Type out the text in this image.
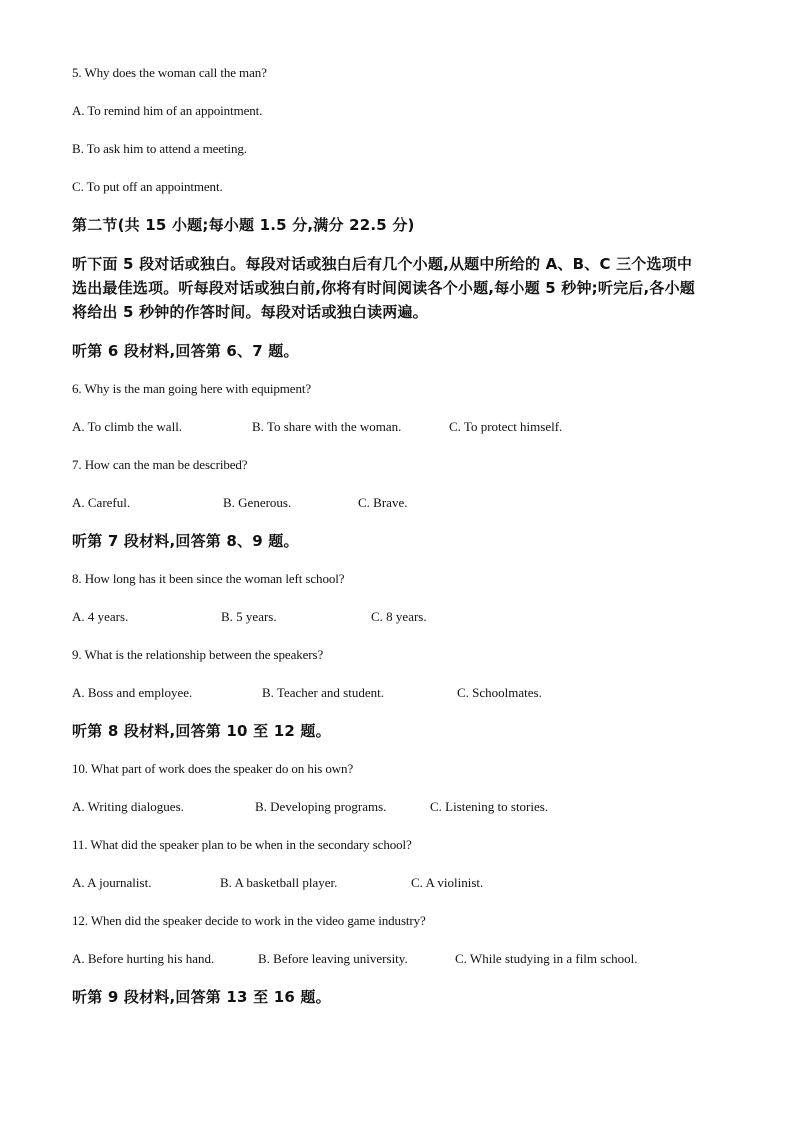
5. Why does the woman call the man?
A. To remind him of an appointment.
B. To ask him to attend a meeting.
C. To put off an appointment.
第二节(共 15 小题;每小题 1.5 分,满分 22.5 分)
听下面 5 段对话或独白。每段对话或独白后有几个小题,从题中所给的 A、B、C 三个选项中
选出最佳选项。听每段对话或独白前,你将有时间阅读各个小题,每小题 5 秒钟;听完后,各小题
将给出 5 秒钟的作答时间。每段对话或独白读两遍。
听第 6 段材料,回答第 6、7 题。
6. Why is the man going here with equipment?
A. To climb the wall.	B. To share with the woman.	C. To protect himself.
7. How can the man be described?
A. Careful.	B. Generous.	C. Brave.
听第 7 段材料,回答第 8、9 题。
8. How long has it been since the woman left school?
A. 4 years.	B. 5 years.	C. 8 years.
9. What is the relationship between the speakers?
A. Boss and employee.	B. Teacher and student.	C. Schoolmates.
听第 8 段材料,回答第 10 至 12 题。
10. What part of work does the speaker do on his own?
A. Writing dialogues.	B. Developing programs.	C. Listening to stories.
11. What did the speaker plan to be when in the secondary school?
A. A journalist.	B. A basketball player.	C. A violinist.
12. When did the speaker decide to work in the video game industry?
A. Before hurting his hand.	B. Before leaving university.	C. While studying in a film school.
听第 9 段材料,回答第 13 至 16 题。
